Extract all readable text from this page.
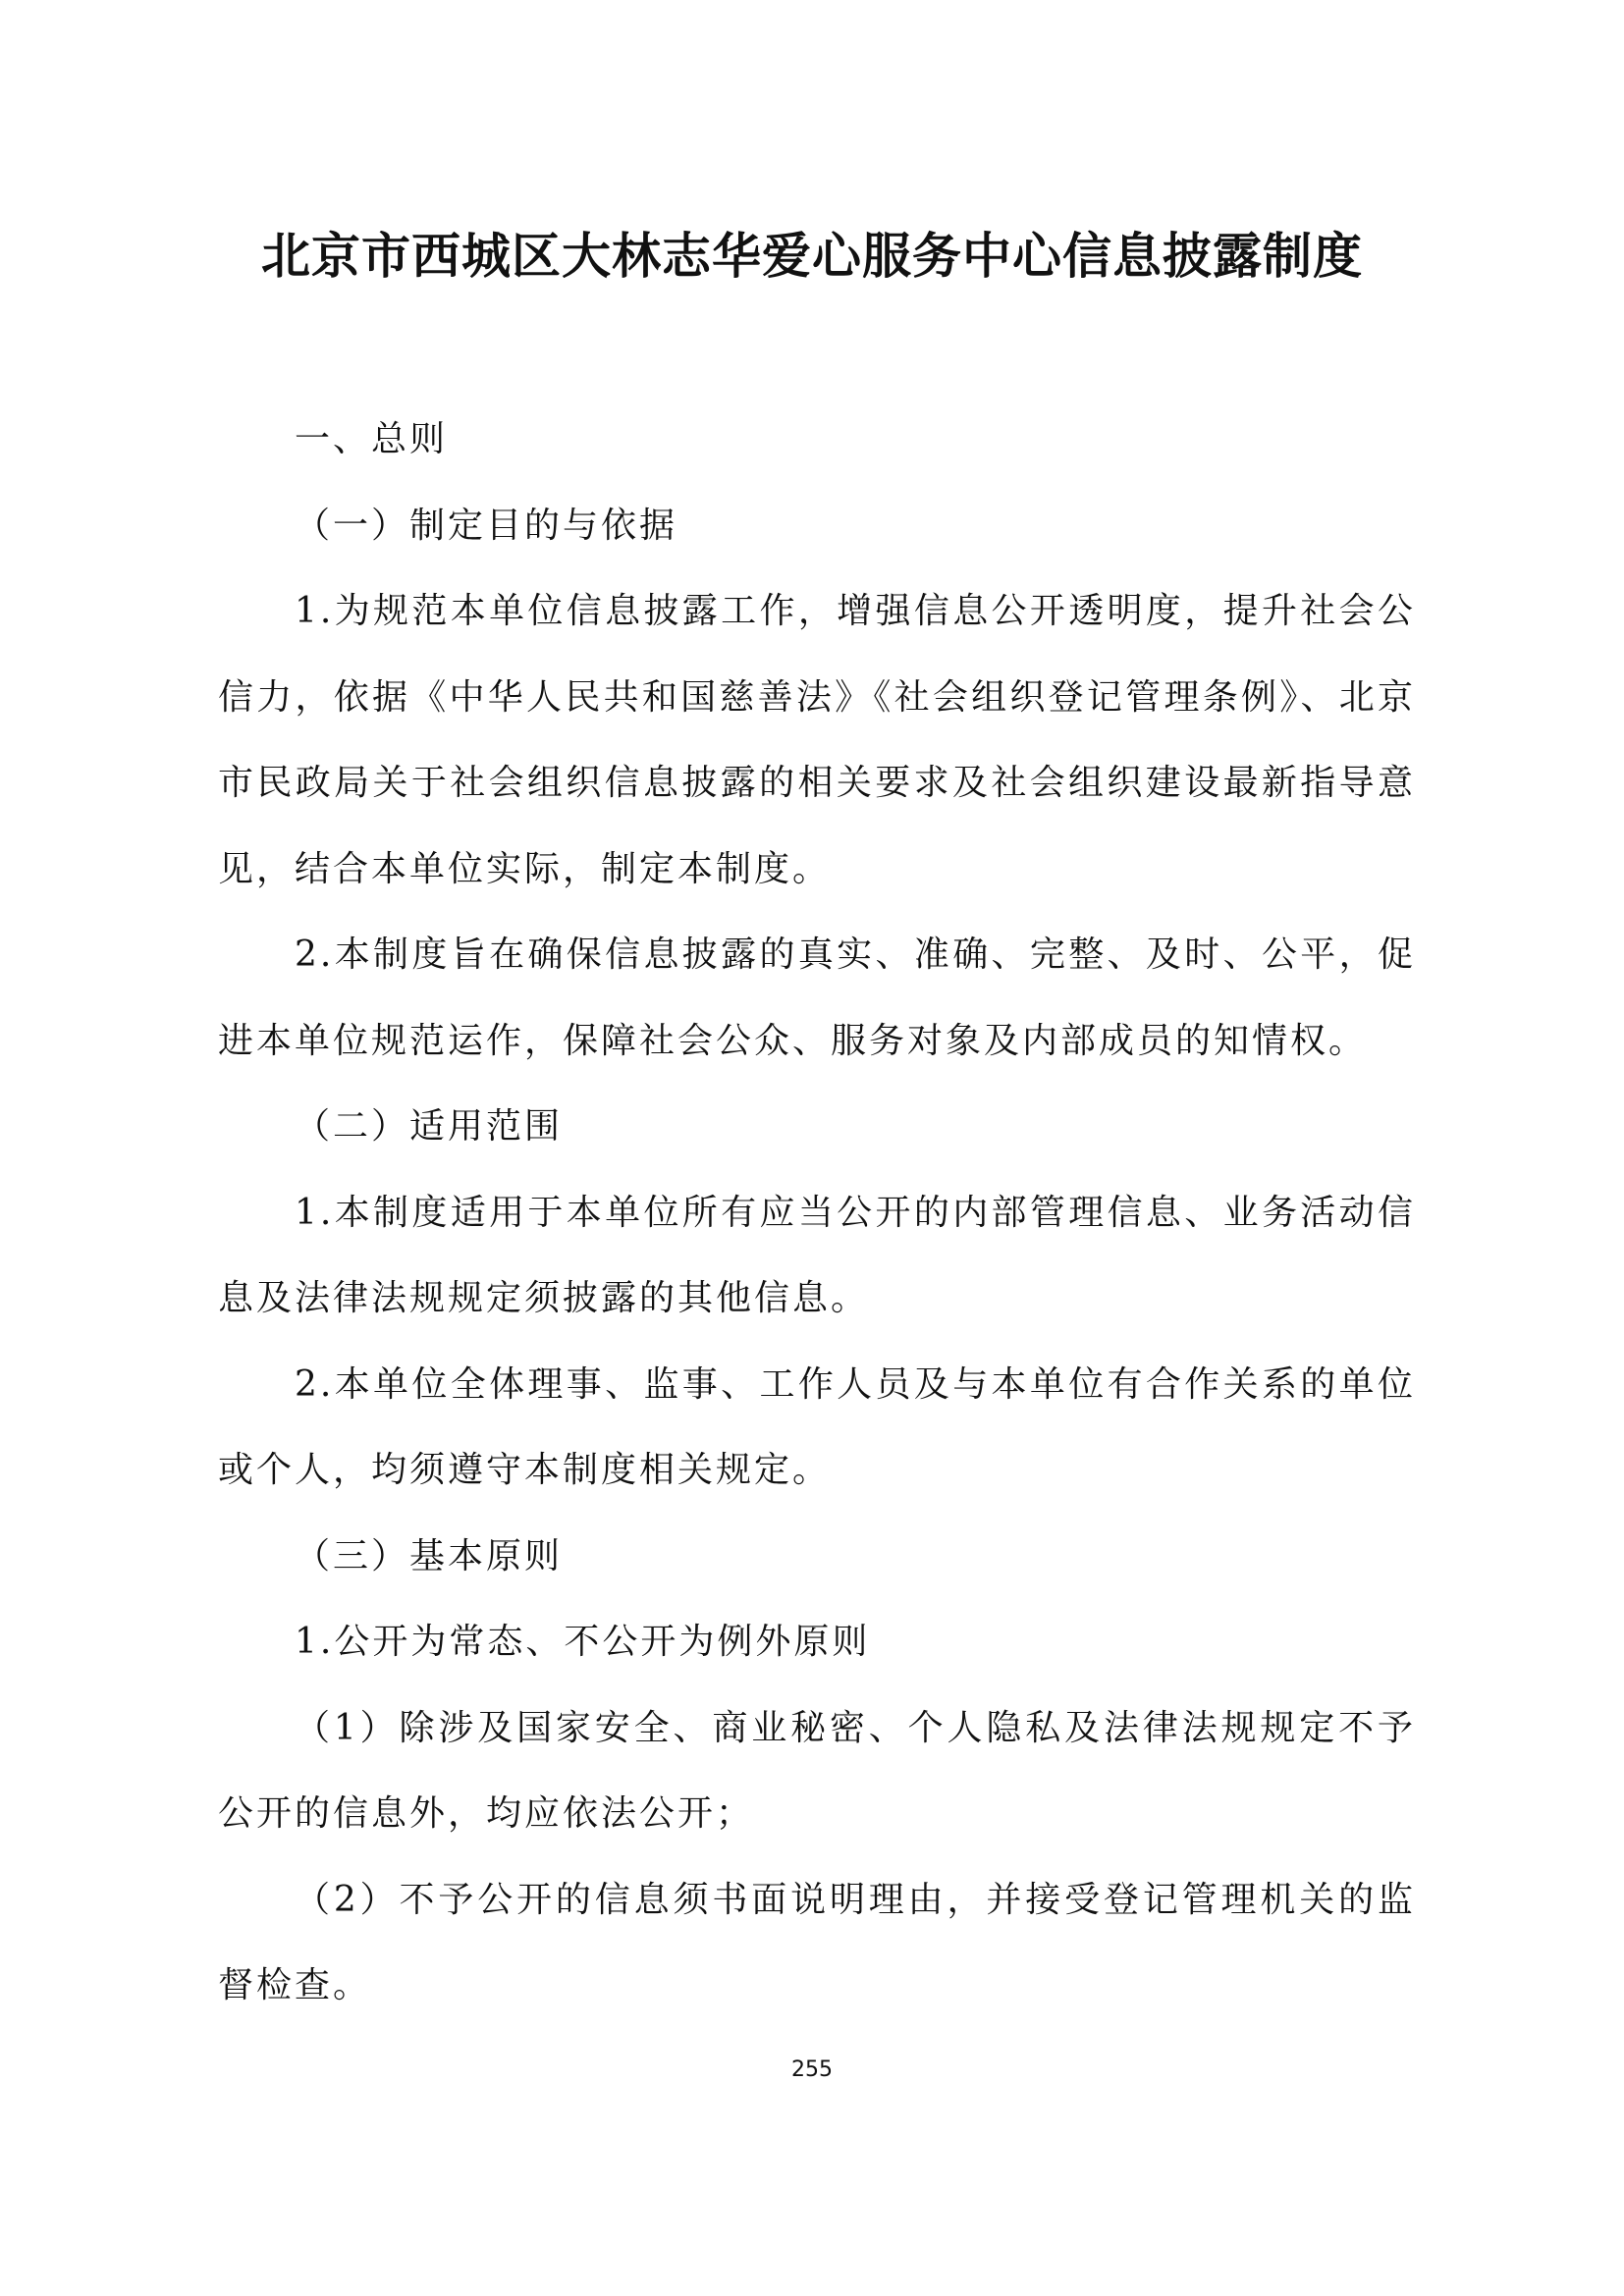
北京市西城区大林志华爱心服务中心信息披露制度

一、总则

（一）制定目的与依据

1.为规范本单位信息披露工作，增强信息公开透明度，提升社会公信力，依据《中华人民共和国慈善法》《社会组织登记管理条例》、北京市民政局关于社会组织信息披露的相关要求及社会组织建设最新指导意见，结合本单位实际，制定本制度。

2.本制度旨在确保信息披露的真实、准确、完整、及时、公平，促进本单位规范运作，保障社会公众、服务对象及内部成员的知情权。

（二）适用范围

1.本制度适用于本单位所有应当公开的内部管理信息、业务活动信息及法律法规规定须披露的其他信息。

2.本单位全体理事、监事、工作人员及与本单位有合作关系的单位或个人，均须遵守本制度相关规定。

（三）基本原则

1.公开为常态、不公开为例外原则

（1）除涉及国家安全、商业秘密、个人隐私及法律法规规定不予公开的信息外，均应依法公开；

（2）不予公开的信息须书面说明理由，并接受登记管理机关的监督检查。

255
